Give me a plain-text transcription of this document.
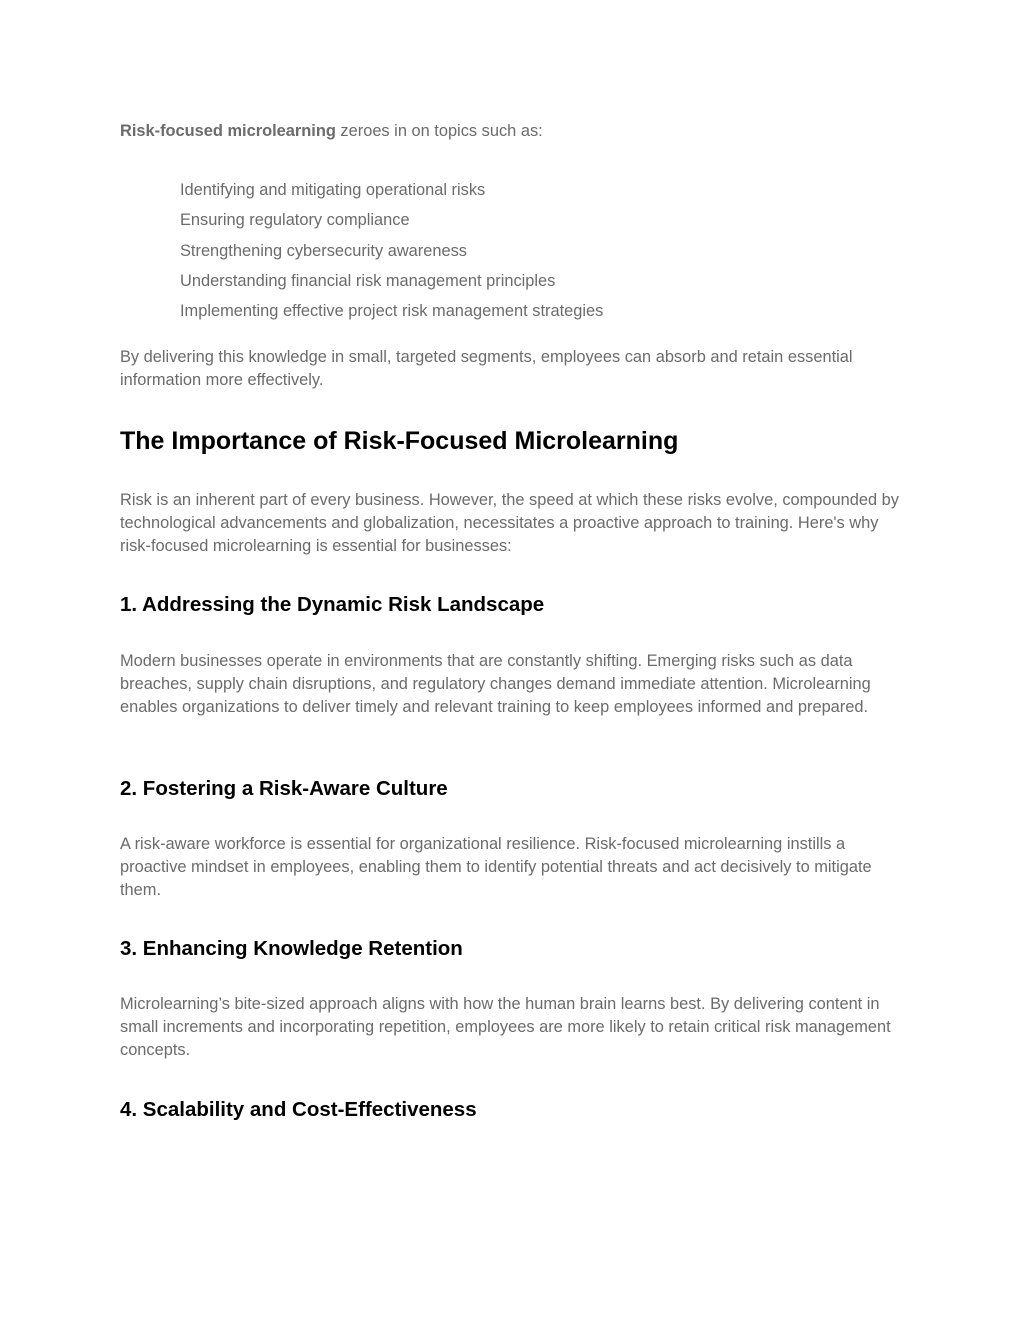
Risk-focused microlearning zeroes in on topics such as:

Identifying and mitigating operational risks
Ensuring regulatory compliance
Strengthening cybersecurity awareness
Understanding financial risk management principles
Implementing effective project risk management strategies

By delivering this knowledge in small, targeted segments, employees can absorb and retain essential information more effectively.

The Importance of Risk-Focused Microlearning

Risk is an inherent part of every business. However, the speed at which these risks evolve, compounded by technological advancements and globalization, necessitates a proactive approach to training. Here's why risk-focused microlearning is essential for businesses:

1. Addressing the Dynamic Risk Landscape

Modern businesses operate in environments that are constantly shifting. Emerging risks such as data breaches, supply chain disruptions, and regulatory changes demand immediate attention. Microlearning enables organizations to deliver timely and relevant training to keep employees informed and prepared.

2. Fostering a Risk-Aware Culture

A risk-aware workforce is essential for organizational resilience. Risk-focused microlearning instills a proactive mindset in employees, enabling them to identify potential threats and act decisively to mitigate them.

3. Enhancing Knowledge Retention

Microlearning’s bite-sized approach aligns with how the human brain learns best. By delivering content in small increments and incorporating repetition, employees are more likely to retain critical risk management concepts.

4. Scalability and Cost-Effectiveness
